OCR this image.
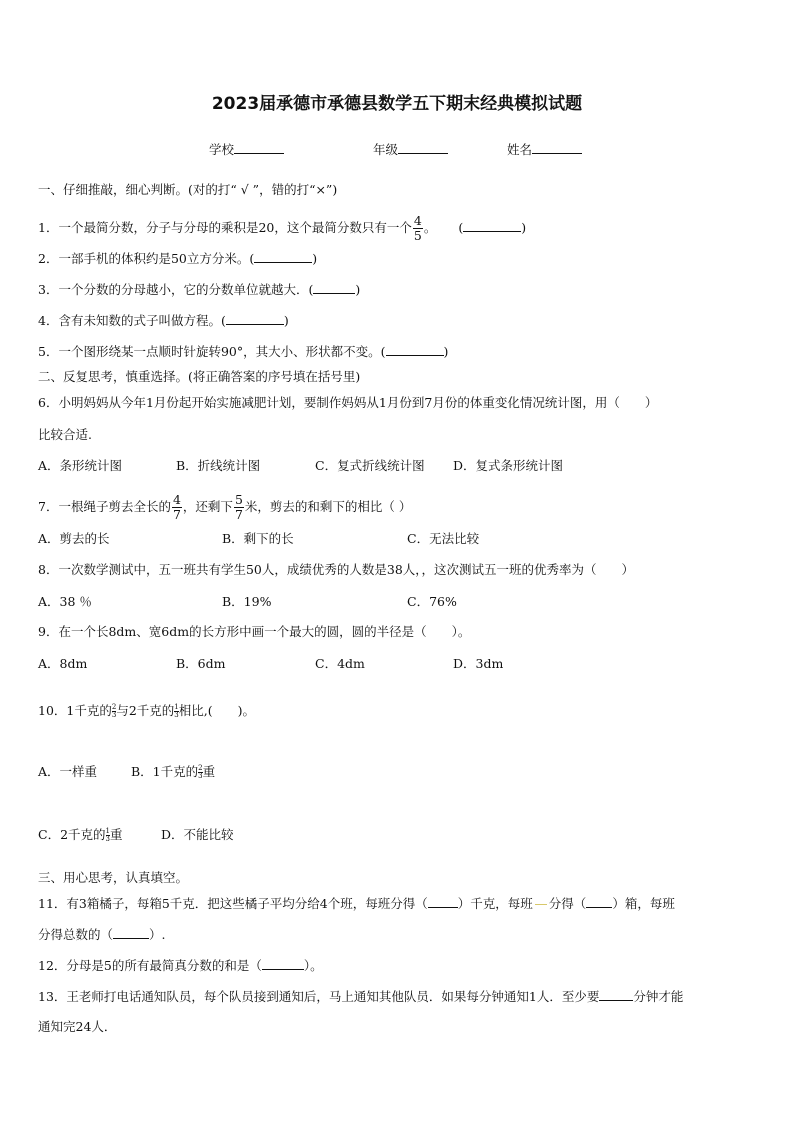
2023届承德市承德县数学五下期末经典模拟试题
学校	年级	姓名
一、仔细推敲，细心判断。(对的打“ √ ”，错的打“×”)
1．一个最简分数，分子与分母的乘积是20，这个最简分数只有一个 $\frac{4}{5}$ 。 (	)
2．一部手机的体积约是50立方分米。(	)
3．一个分数的分母越小，它的分数单位就越大．(	)
4．含有未知数的式子叫做方程。(	)
5．一个图形绕某一点顺时针旋转90°，其大小、形状都不变。(	)
二、反复思考，慎重选择。(将正确答案的序号填在括号里)
6．小明妈妈从今年1月份起开始实施减肥计划，要制作妈妈从1月份到7月份的体重变化情况统计图，用（　　）
比较合适.
A．条形统计图	B．折线统计图	C．复式折线统计图 D．复式条形统计图
7．一根绳子剪去全长的 $\frac{4}{7}$ ，还剩下 $\frac{5}{7}$ 米，剪去的和剩下的相比（ ）
A．剪去的长	B．剩下的长	C．无法比较
8．一次数学测试中，五一班共有学生50人，成绩优秀的人数是38人，，这次测试五一班的优秀率为（　　）
A．38 ％	B．19%	C．76%
9．在一个长8dm、宽6dm的长方形中画一个最大的圆，圆的半径是（　　）。
A．8dm	B．6dm	C．4dm	D．3dm
10．1千克的 $\frac{2}{3}$ 与2千克的 $\frac{1}{3}$ 相比,(　　)。
A．一样重	B．1千克的 $\frac{2}{3}$ 重
C．2千克的 $\frac{1}{3}$ 重	D．不能比较
三、用心思考，认真填空。
11．有3箱橘子，每箱5千克．把这些橘子平均分给4个班，每班分得（ ）千克，每班 分得（ ）箱，每班
分得总数的（	）.
12．分母是5的所有最简真分数的和是（	）。
13．王老师打电话通知队员，每个队员接到通知后，马上通知其他队员．如果每分钟通知1人．至少要	分钟才能
通知完24人．
